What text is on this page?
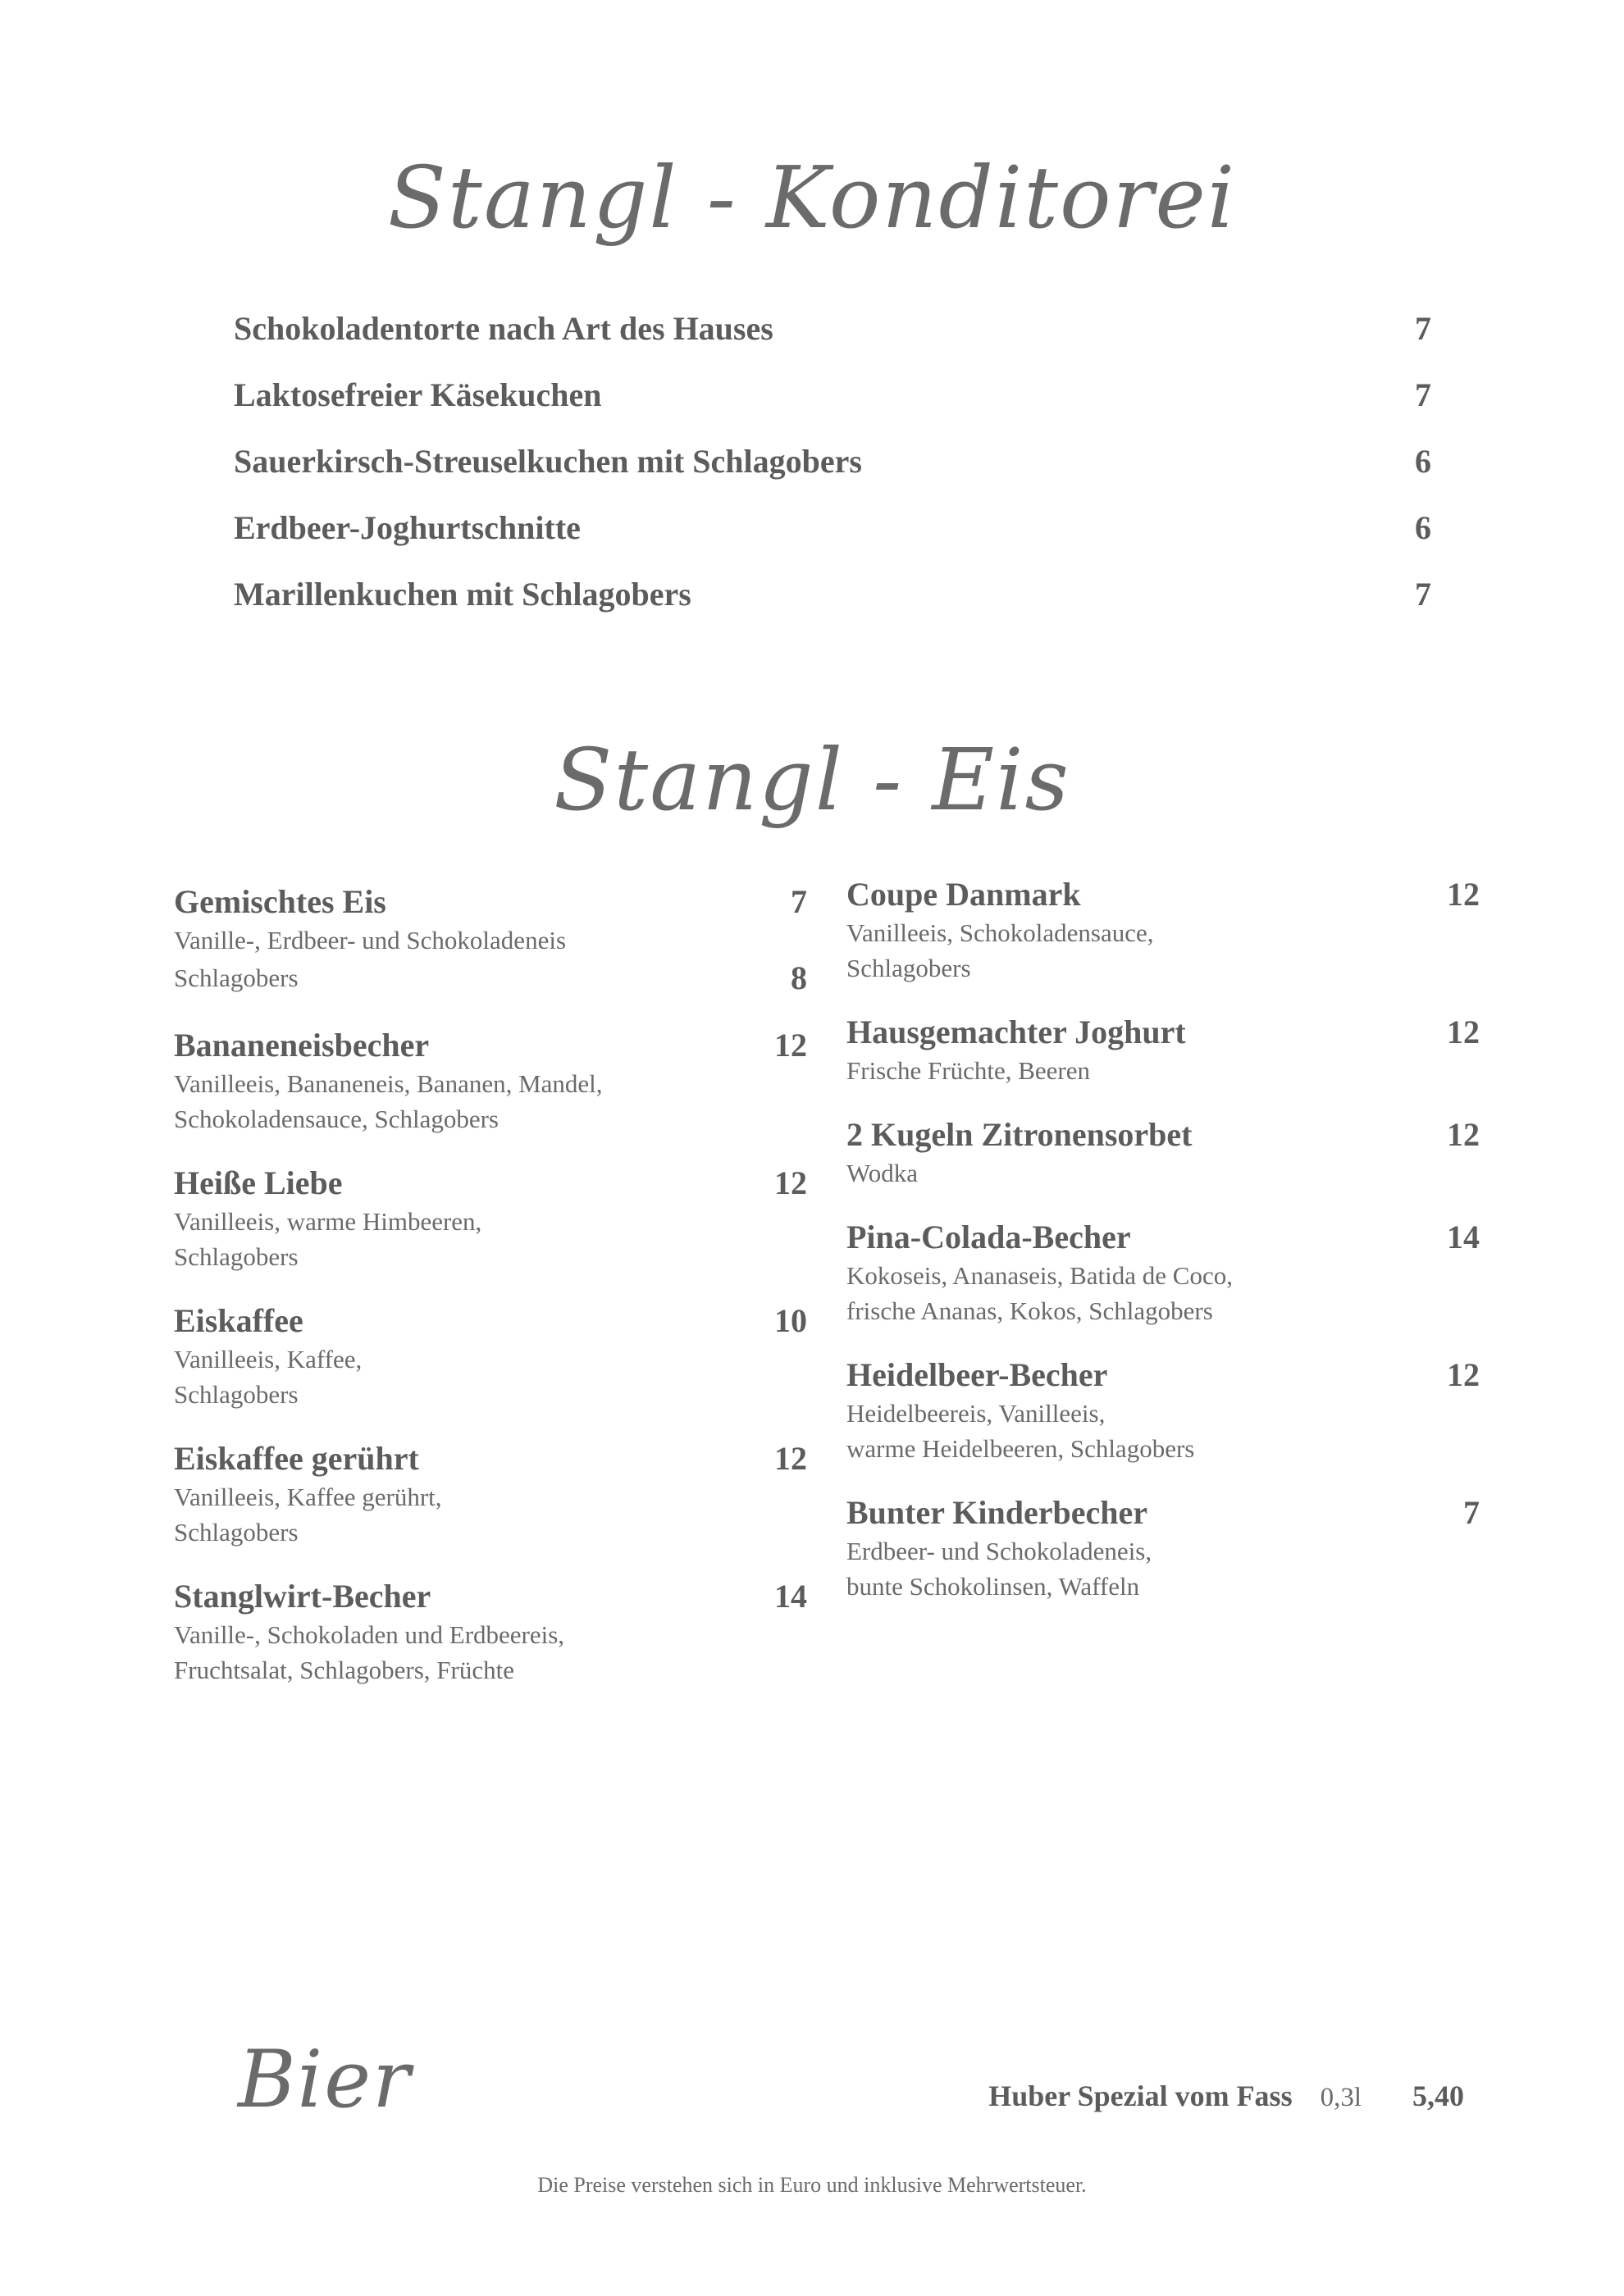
Stangl - Konditorei
Schokoladentorte nach Art des Hauses	7
Laktosefreier Käsekuchen	7
Sauerkirsch-Streuselkuchen mit Schlagobers	6
Erdbeer-Joghurtschnitte	6
Marillenkuchen mit Schlagobers	7
Stangl - Eis
Gemischtes Eis	7
Vanille-, Erdbeer- und Schokoladeneis
Schlagobers	8
Bananeneisbecher	12
Vanilleeis, Bananeneis, Bananen, Mandel,
Schokoladensauce, Schlagobers
Heiße Liebe	12
Vanilleeis, warme Himbeeren,
Schlagobers
Eiskaffee	10
Vanilleeis, Kaffee,
Schlagobers
Eiskaffee gerührt	12
Vanilleeis, Kaffee gerührt,
Schlagobers
Stanglwirt-Becher	14
Vanille-, Schokoladen und Erdbeereis,
Fruchtsalat, Schlagobers, Früchte
Coupe Danmark	12
Vanilleeis, Schokoladensauce,
Schlagobers
Hausgemachter Joghurt	12
Frische Früchte, Beeren
2 Kugeln Zitronensorbet	12
Wodka
Pina-Colada-Becher	14
Kokoseis, Ananaseis, Batida de Coco,
frische Ananas, Kokos, Schlagobers
Heidelbeer-Becher	12
Heidelbeereis, Vanilleeis,
warme Heidelbeeren, Schlagobers
Bunter Kinderbecher	7
Erdbeer- und Schokoladeneis,
bunte Schokolinsen, Waffeln
Bier	Huber Spezial vom Fass 0,3l 5,40
Die Preise verstehen sich in Euro und inklusive Mehrwertsteuer.
